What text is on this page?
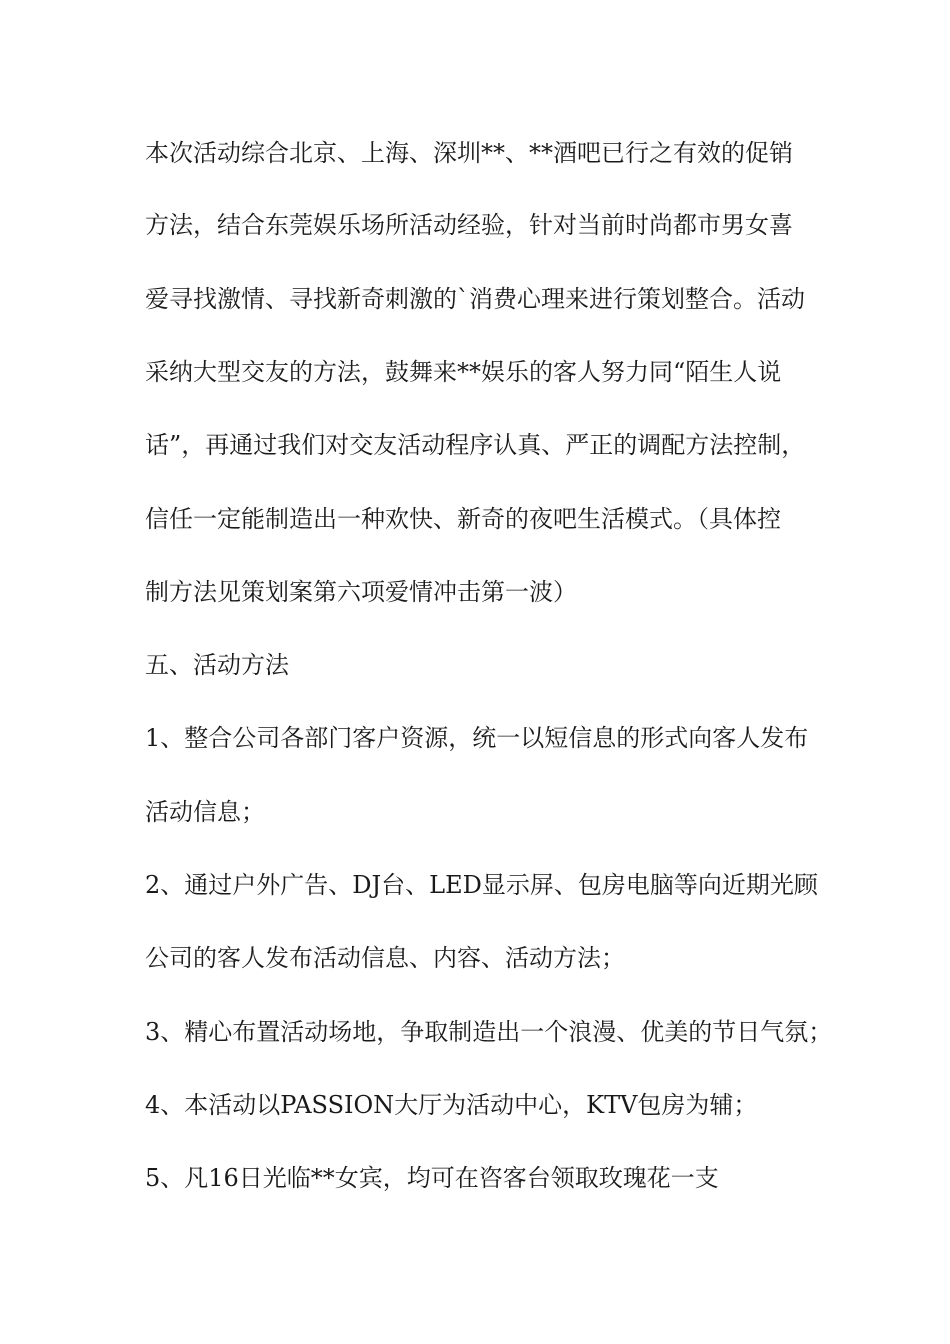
本次活动综合北京、上海、深圳**、**酒吧已行之有效的促销
方法，结合东莞娱乐场所活动经验，针对当前时尚都市男女喜
爱寻找激情、寻找新奇刺激的`消费心理来进行策划整合。活动
采纳大型交友的方法，鼓舞来**娱乐的客人努力同“陌生人说
话”，再通过我们对交友活动程序认真、严正的调配方法控制，
信任一定能制造出一种欢快、新奇的夜吧生活模式。（具体控
制方法见策划案第六项爱情冲击第一波）
五、活动方法
1、整合公司各部门客户资源，统一以短信息的形式向客人发布
活动信息；
2、通过户外广告、DJ台、LED显示屏、包房电脑等向近期光顾
公司的客人发布活动信息、内容、活动方法；
3、精心布置活动场地，争取制造出一个浪漫、优美的节日气氛；
4、本活动以PASSION大厅为活动中心，KTV包房为辅；
5、凡16日光临**女宾，均可在咨客台领取玫瑰花一支
